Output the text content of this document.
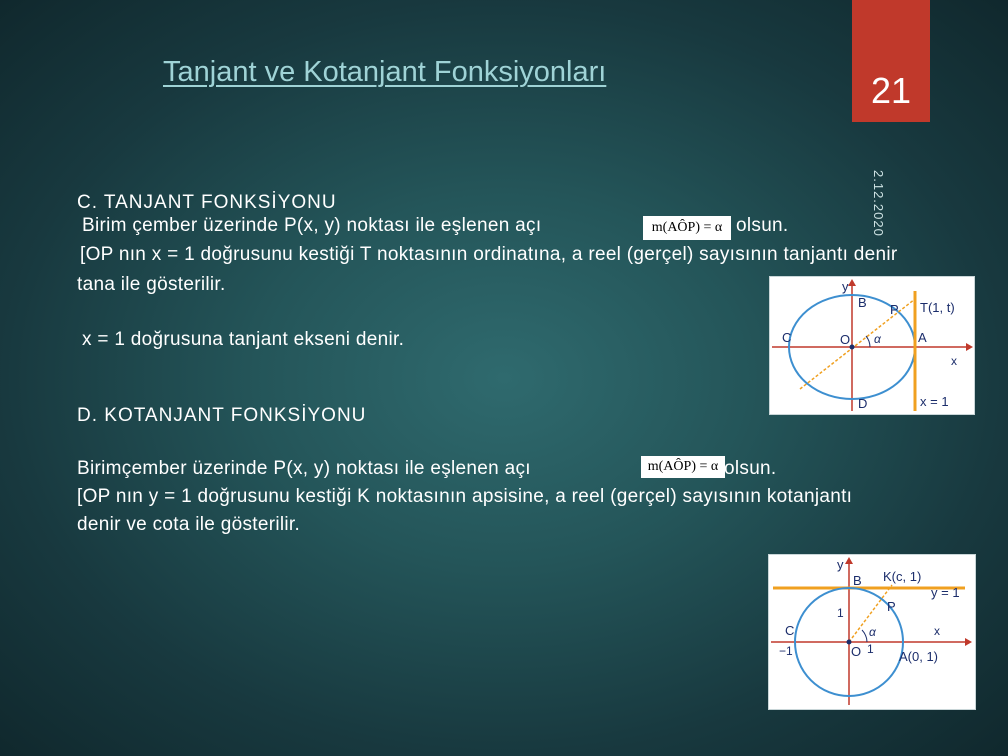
Tanjant ve Kotanjant Fonksiyonları	21
2.12.2020
C. TANJANT FONKSİYONU
Birim çember üzerinde P(x, y) noktası ile eşlenen açı	m(AÔP) = α olsun.
[OP nın x = 1 doğrusunu kestiği T noktasının ordinatına, a reel (gerçel) sayısının tanjantı denir
tana ile gösterilir.
x = 1 doğrusuna tanjant ekseni denir.
y
B P T(1, t)
C	O α	A
x
D	x = 1
D. KOTANJANT FONKSİYONU
Birimçember üzerinde P(x, y) noktası ile eşlenen açı	m(AÔP) = α olsun.
[OP nın y = 1 doğrusunu kestiği K noktasının apsisine, a reel (gerçel) sayısının kotanjantı
denir ve cota ile gösterilir.
y
B K(c, 1)
y = 1
P
1
α
C	x
−1	O 1 A(0, 1)
